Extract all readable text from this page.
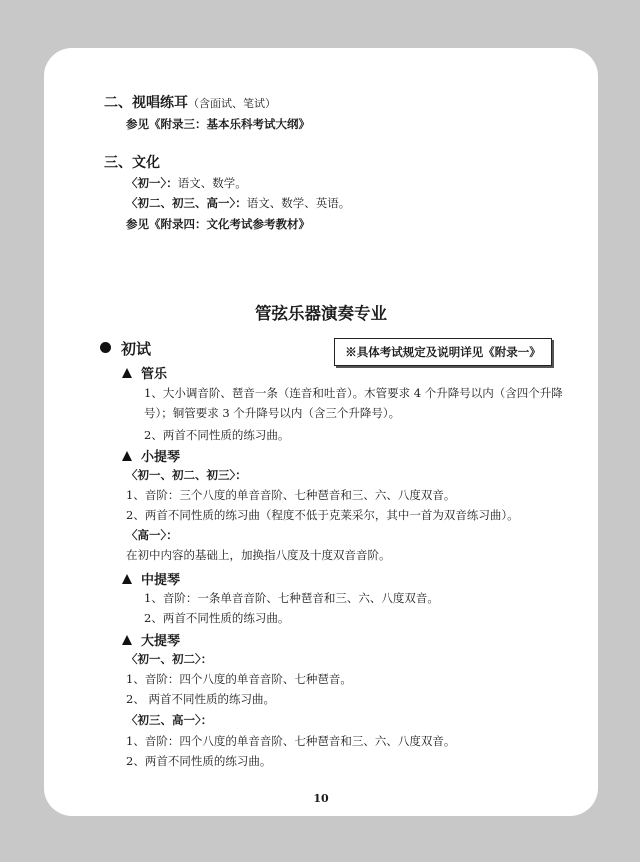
二、视唱练耳（含面试、笔试）
参见《附录三：基本乐科考试大纲》
三、文化
〈初一〉：语文、数学。
〈初二、初三、高一〉：语文、数学、英语。
参见《附录四：文化考试参考教材》
管弦乐器演奏专业
初试	※具体考试规定及说明详见《附录一》
管乐
1、大小调音阶、琶音一条（连音和吐音）。木管要求 4 个升降号以内（含四个升降
号）；铜管要求 3 个升降号以内（含三个升降号）。
2、两首不同性质的练习曲。
小提琴
〈初一、初二、初三〉：
1、音阶：三个八度的单音音阶、七种琶音和三、六、八度双音。
2、两首不同性质的练习曲（程度不低于克莱采尔，其中一首为双音练习曲）。
〈高一〉：
在初中内容的基础上，加换指八度及十度双音音阶。
中提琴
1、音阶：一条单音音阶、七种琶音和三、六、八度双音。
2、两首不同性质的练习曲。
大提琴
〈初一、初二〉：
1、音阶：四个八度的单音音阶、七种琶音。
2、 两首不同性质的练习曲。
〈初三、高一〉：
1、音阶：四个八度的单音音阶、七种琶音和三、六、八度双音。
2、两首不同性质的练习曲。
10
